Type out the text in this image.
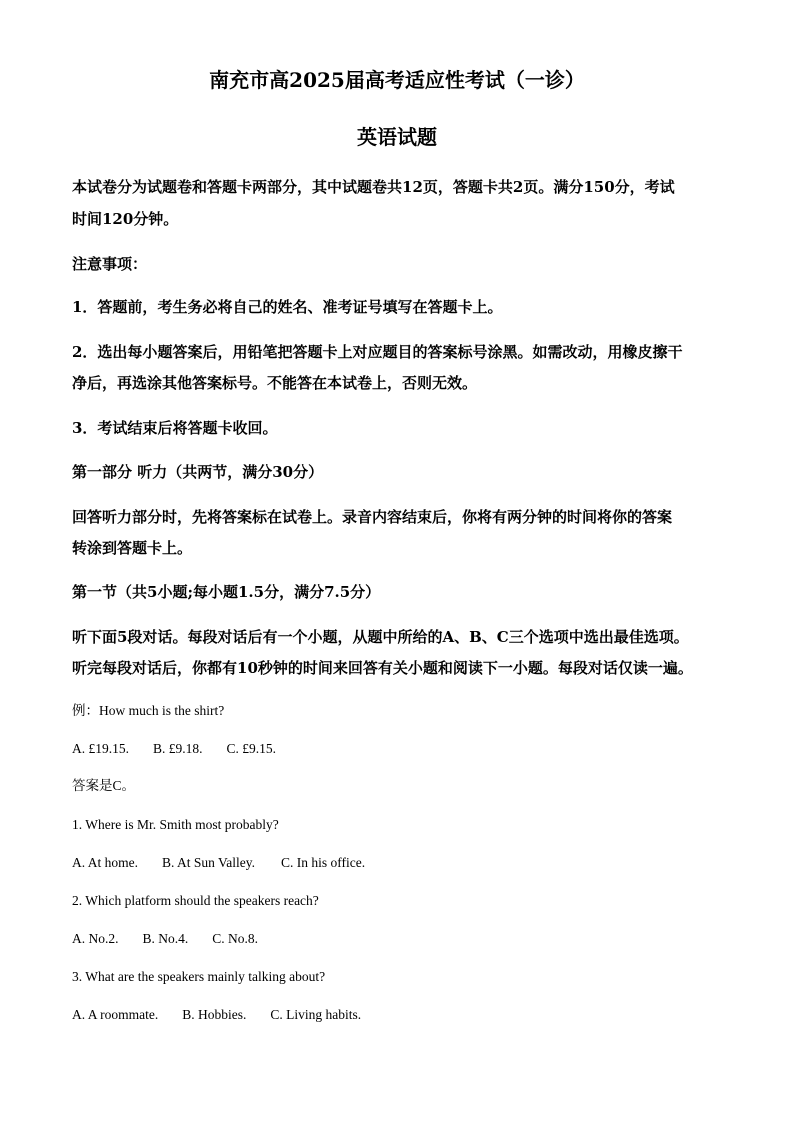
南充市高2025届高考适应性考试（一诊）
英语试题
本试卷分为试题卷和答题卡两部分，其中试题卷共12页，答题卡共2页。满分150分，考试
时间120分钟。
注意事项：
1．答题前，考生务必将自己的姓名、准考证号填写在答题卡上。
2．选出每小题答案后，用铅笔把答题卡上对应题目的答案标号涂黑。如需改动，用橡皮擦干
净后，再选涂其他答案标号。不能答在本试卷上，否则无效。
3．考试结束后将答题卡收回。
第一部分 听力（共两节，满分30分）
回答听力部分时，先将答案标在试卷上。录音内容结束后，你将有两分钟的时间将你的答案
转涂到答题卡上。
第一节（共5小题;每小题1.5分，满分7.5分）
听下面5段对话。每段对话后有一个小题，从题中所给的A、B、C三个选项中选出最佳选项。
听完每段对话后，你都有10秒钟的时间来回答有关小题和阅读下一小题。每段对话仅读一遍。
例：How much is the shirt?
A. £19.15. B. £9.18. C. £9.15.
答案是C。
1. Where is Mr. Smith most probably?
A. At home. B. At Sun Valley. C. In his office.
2. Which platform should the speakers reach?
A. No.2. B. No.4. C. No.8.
3. What are the speakers mainly talking about?
A. A roommate. B. Hobbies. C. Living habits.
